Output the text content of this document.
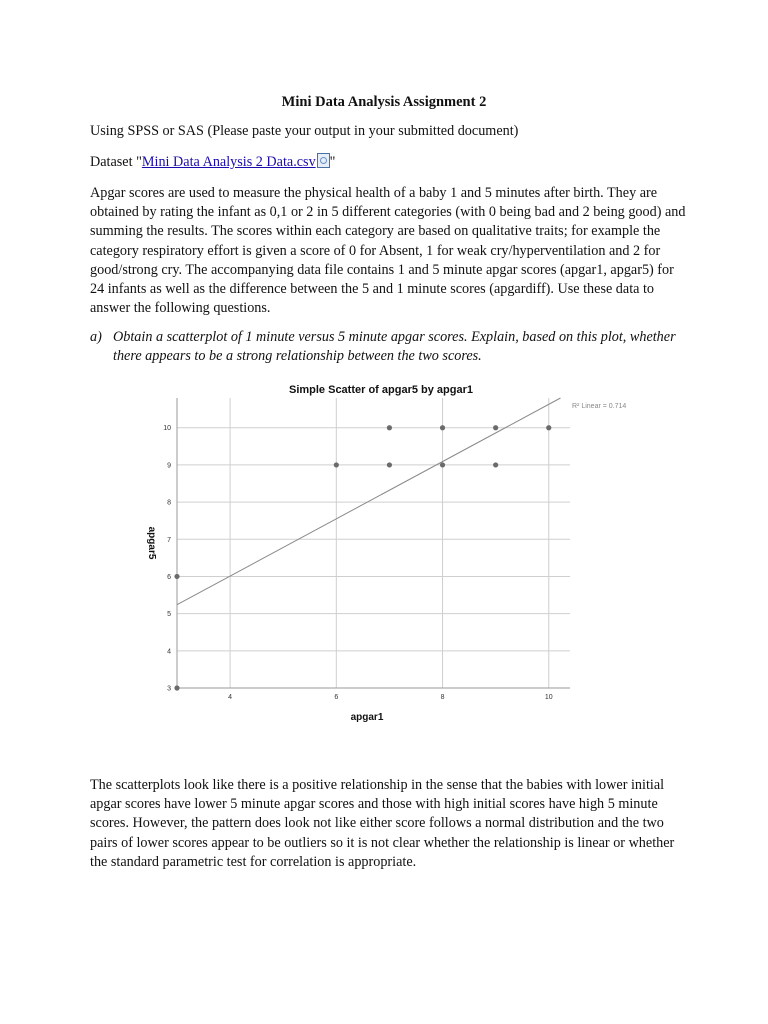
Mini Data Analysis Assignment 2

Using SPSS or SAS (Please paste your output in your submitted document)

Dataset "Mini Data Analysis 2 Data.csv "

Apgar scores are used to measure the physical health of a baby 1 and 5 minutes after birth. They are obtained by rating the infant as 0,1 or 2 in 5 different categories (with 0 being bad and 2 being good) and summing the results. The scores within each category are based on qualitative traits; for example the category respiratory effort is given a score of 0 for Absent, 1 for weak cry/hyperventilation and 2 for good/strong cry. The accompanying data file contains 1 and 5 minute apgar scores (apgar1, apgar5) for 24 infants as well as the difference between the 5 and 1 minute scores (apgardiff). Use these data to answer the following questions.

a) Obtain a scatterplot of 1 minute versus 5 minute apgar scores. Explain, based on this plot, whether there appears to be a strong relationship between the two scores.
4	6	8	10
3
4
5
6
7
8
9
10
Simple Scatter of apgar5 by apgar1
R² Linear = 0.714
apgar1
apgar5

The scatterplots look like there is a positive relationship in the sense that the babies with lower initial apgar scores have lower 5 minute apgar scores and those with high initial scores have high 5 minute scores. However, the pattern does look not like either score follows a normal distribution and the two pairs of lower scores appear to be outliers so it is not clear whether the relationship is linear or whether the standard parametric test for correlation is appropriate.
